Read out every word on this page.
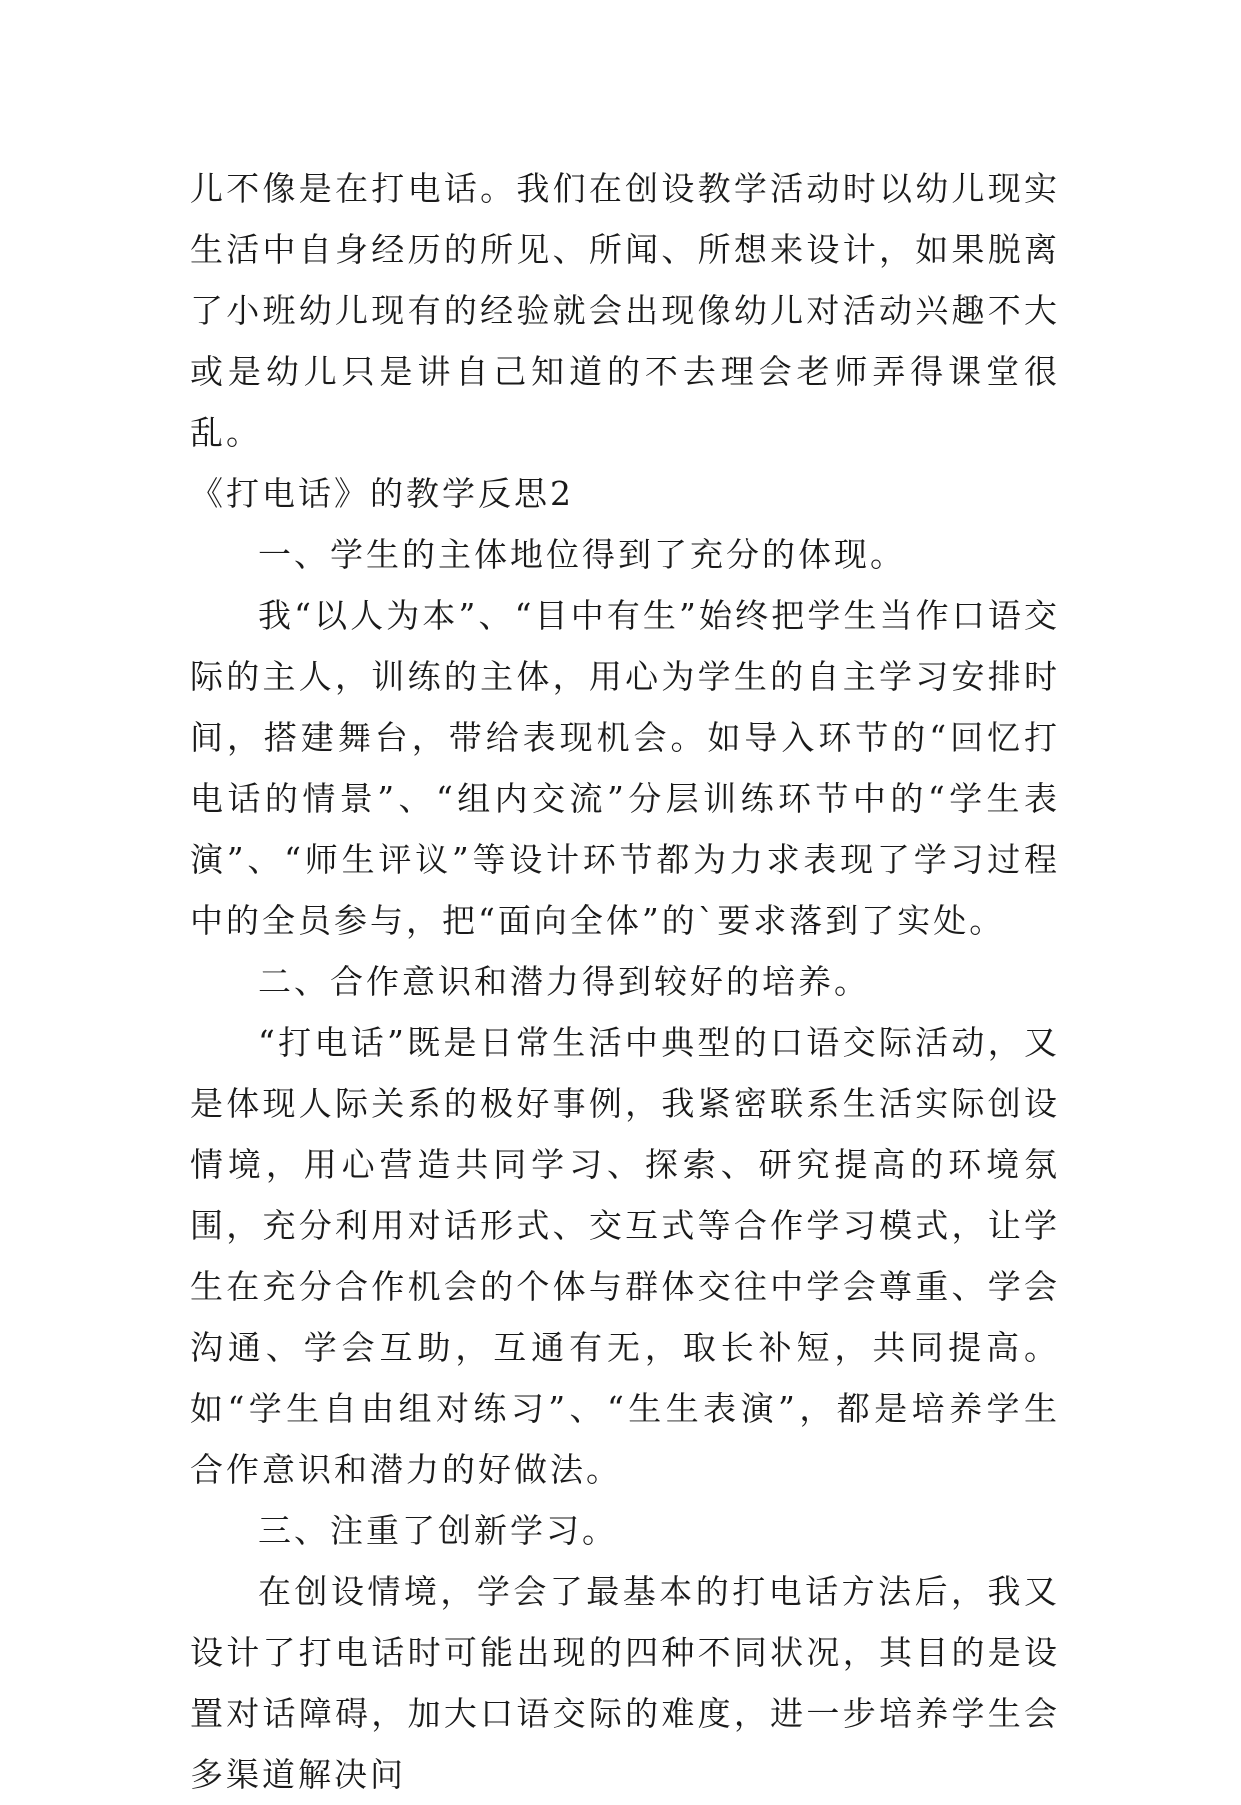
儿不像是在打电话。我们在创设教学活动时以幼儿现实生活中自身经历的所见、所闻、所想来设计，如果脱离了小班幼儿现有的经验就会出现像幼儿对活动兴趣不大或是幼儿只是讲自己知道的不去理会老师弄得课堂很乱。

《打电话》的教学反思2

一、学生的主体地位得到了充分的体现。

我“以人为本”、“目中有生”始终把学生当作口语交际的主人，训练的主体，用心为学生的自主学习安排时间，搭建舞台，带给表现机会。如导入环节的“回忆打电话的情景”、“组内交流”分层训练环节中的“学生表演”、“师生评议”等设计环节都为力求表现了学习过程中的全员参与，把“面向全体”的`要求落到了实处。

二、合作意识和潜力得到较好的培养。

“打电话”既是日常生活中典型的口语交际活动，又是体现人际关系的极好事例，我紧密联系生活实际创设情境，用心营造共同学习、探索、研究提高的环境氛围，充分利用对话形式、交互式等合作学习模式，让学生在充分合作机会的个体与群体交往中学会尊重、学会沟通、学会互助，互通有无，取长补短，共同提高。如“学生自由组对练习”、“生生表演”，都是培养学生合作意识和潜力的好做法。

三、注重了创新学习。

在创设情境，学会了最基本的打电话方法后，我又设计了打电话时可能出现的四种不同状况，其目的是设置对话障碍，加大口语交际的难度，进一步培养学生会多渠道解决问
